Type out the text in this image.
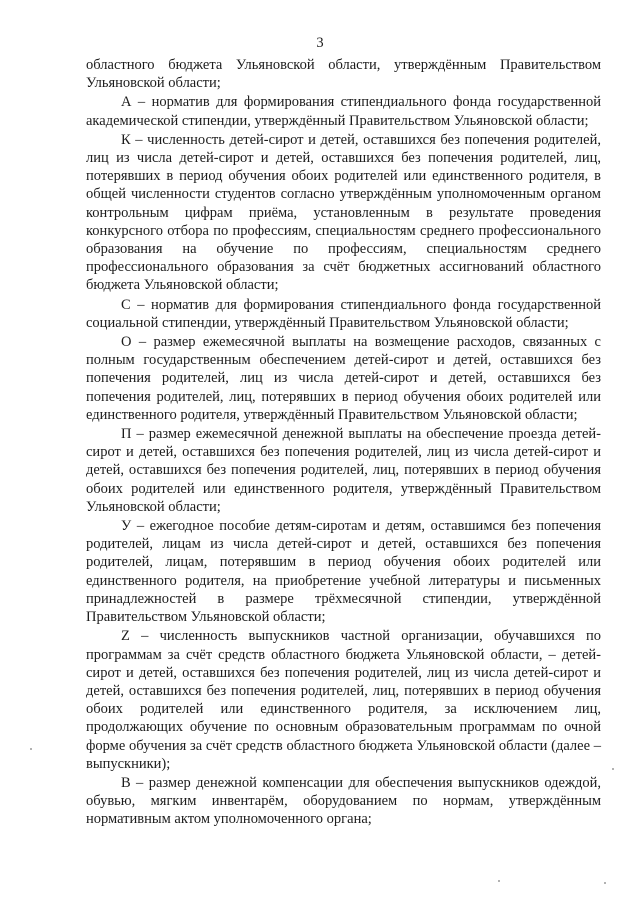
3

областного бюджета Ульяновской области, утверждённым Правительством Ульяновской области;

А – норматив для формирования стипендиального фонда государственной академической стипендии, утверждённый Правительством Ульяновской области;

К – численность детей-сирот и детей, оставшихся без попечения родителей, лиц из числа детей-сирот и детей, оставшихся без попечения родителей, лиц, потерявших в период обучения обоих родителей или единственного родителя, в общей численности студентов согласно утверждённым уполномоченным органом контрольным цифрам приёма, установленным в результате проведения конкурсного отбора по профессиям, специальностям среднего профессионального образования на обучение по профессиям, специальностям среднего профессионального образования за счёт бюджетных ассигнований областного бюджета Ульяновской области;

С – норматив для формирования стипендиального фонда государственной социальной стипендии, утверждённый Правительством Ульяновской области;

О – размер ежемесячной выплаты на возмещение расходов, связанных с полным государственным обеспечением детей-сирот и детей, оставшихся без попечения родителей, лиц из числа детей-сирот и детей, оставшихся без попечения родителей, лиц, потерявших в период обучения обоих родителей или единственного родителя, утверждённый Правительством Ульяновской области;

П – размер ежемесячной денежной выплаты на обеспечение проезда детей-сирот и детей, оставшихся без попечения родителей, лиц из числа детей-сирот и детей, оставшихся без попечения родителей, лиц, потерявших в период обучения обоих родителей или единственного родителя, утверждённый Правительством Ульяновской области;

У – ежегодное пособие детям-сиротам и детям, оставшимся без попечения родителей, лицам из числа детей-сирот и детей, оставшихся без попечения родителей, лицам, потерявшим в период обучения обоих родителей или единственного родителя, на приобретение учебной литературы и письменных принадлежностей в размере трёхмесячной стипендии, утверждённой Правительством Ульяновской области;

Z – численность выпускников частной организации, обучавшихся по программам за счёт средств областного бюджета Ульяновской области, – детей-сирот и детей, оставшихся без попечения родителей, лиц из числа детей-сирот и детей, оставшихся без попечения родителей, лиц, потерявших в период обучения обоих родителей или единственного родителя, за исключением лиц, продолжающих обучение по основным образовательным программам по очной форме обучения за счёт средств областного бюджета Ульяновской области (далее – выпускники);

В – размер денежной компенсации для обеспечения выпускников одеждой, обувью, мягким инвентарём, оборудованием по нормам, утверждённым нормативным актом уполномоченного органа;
